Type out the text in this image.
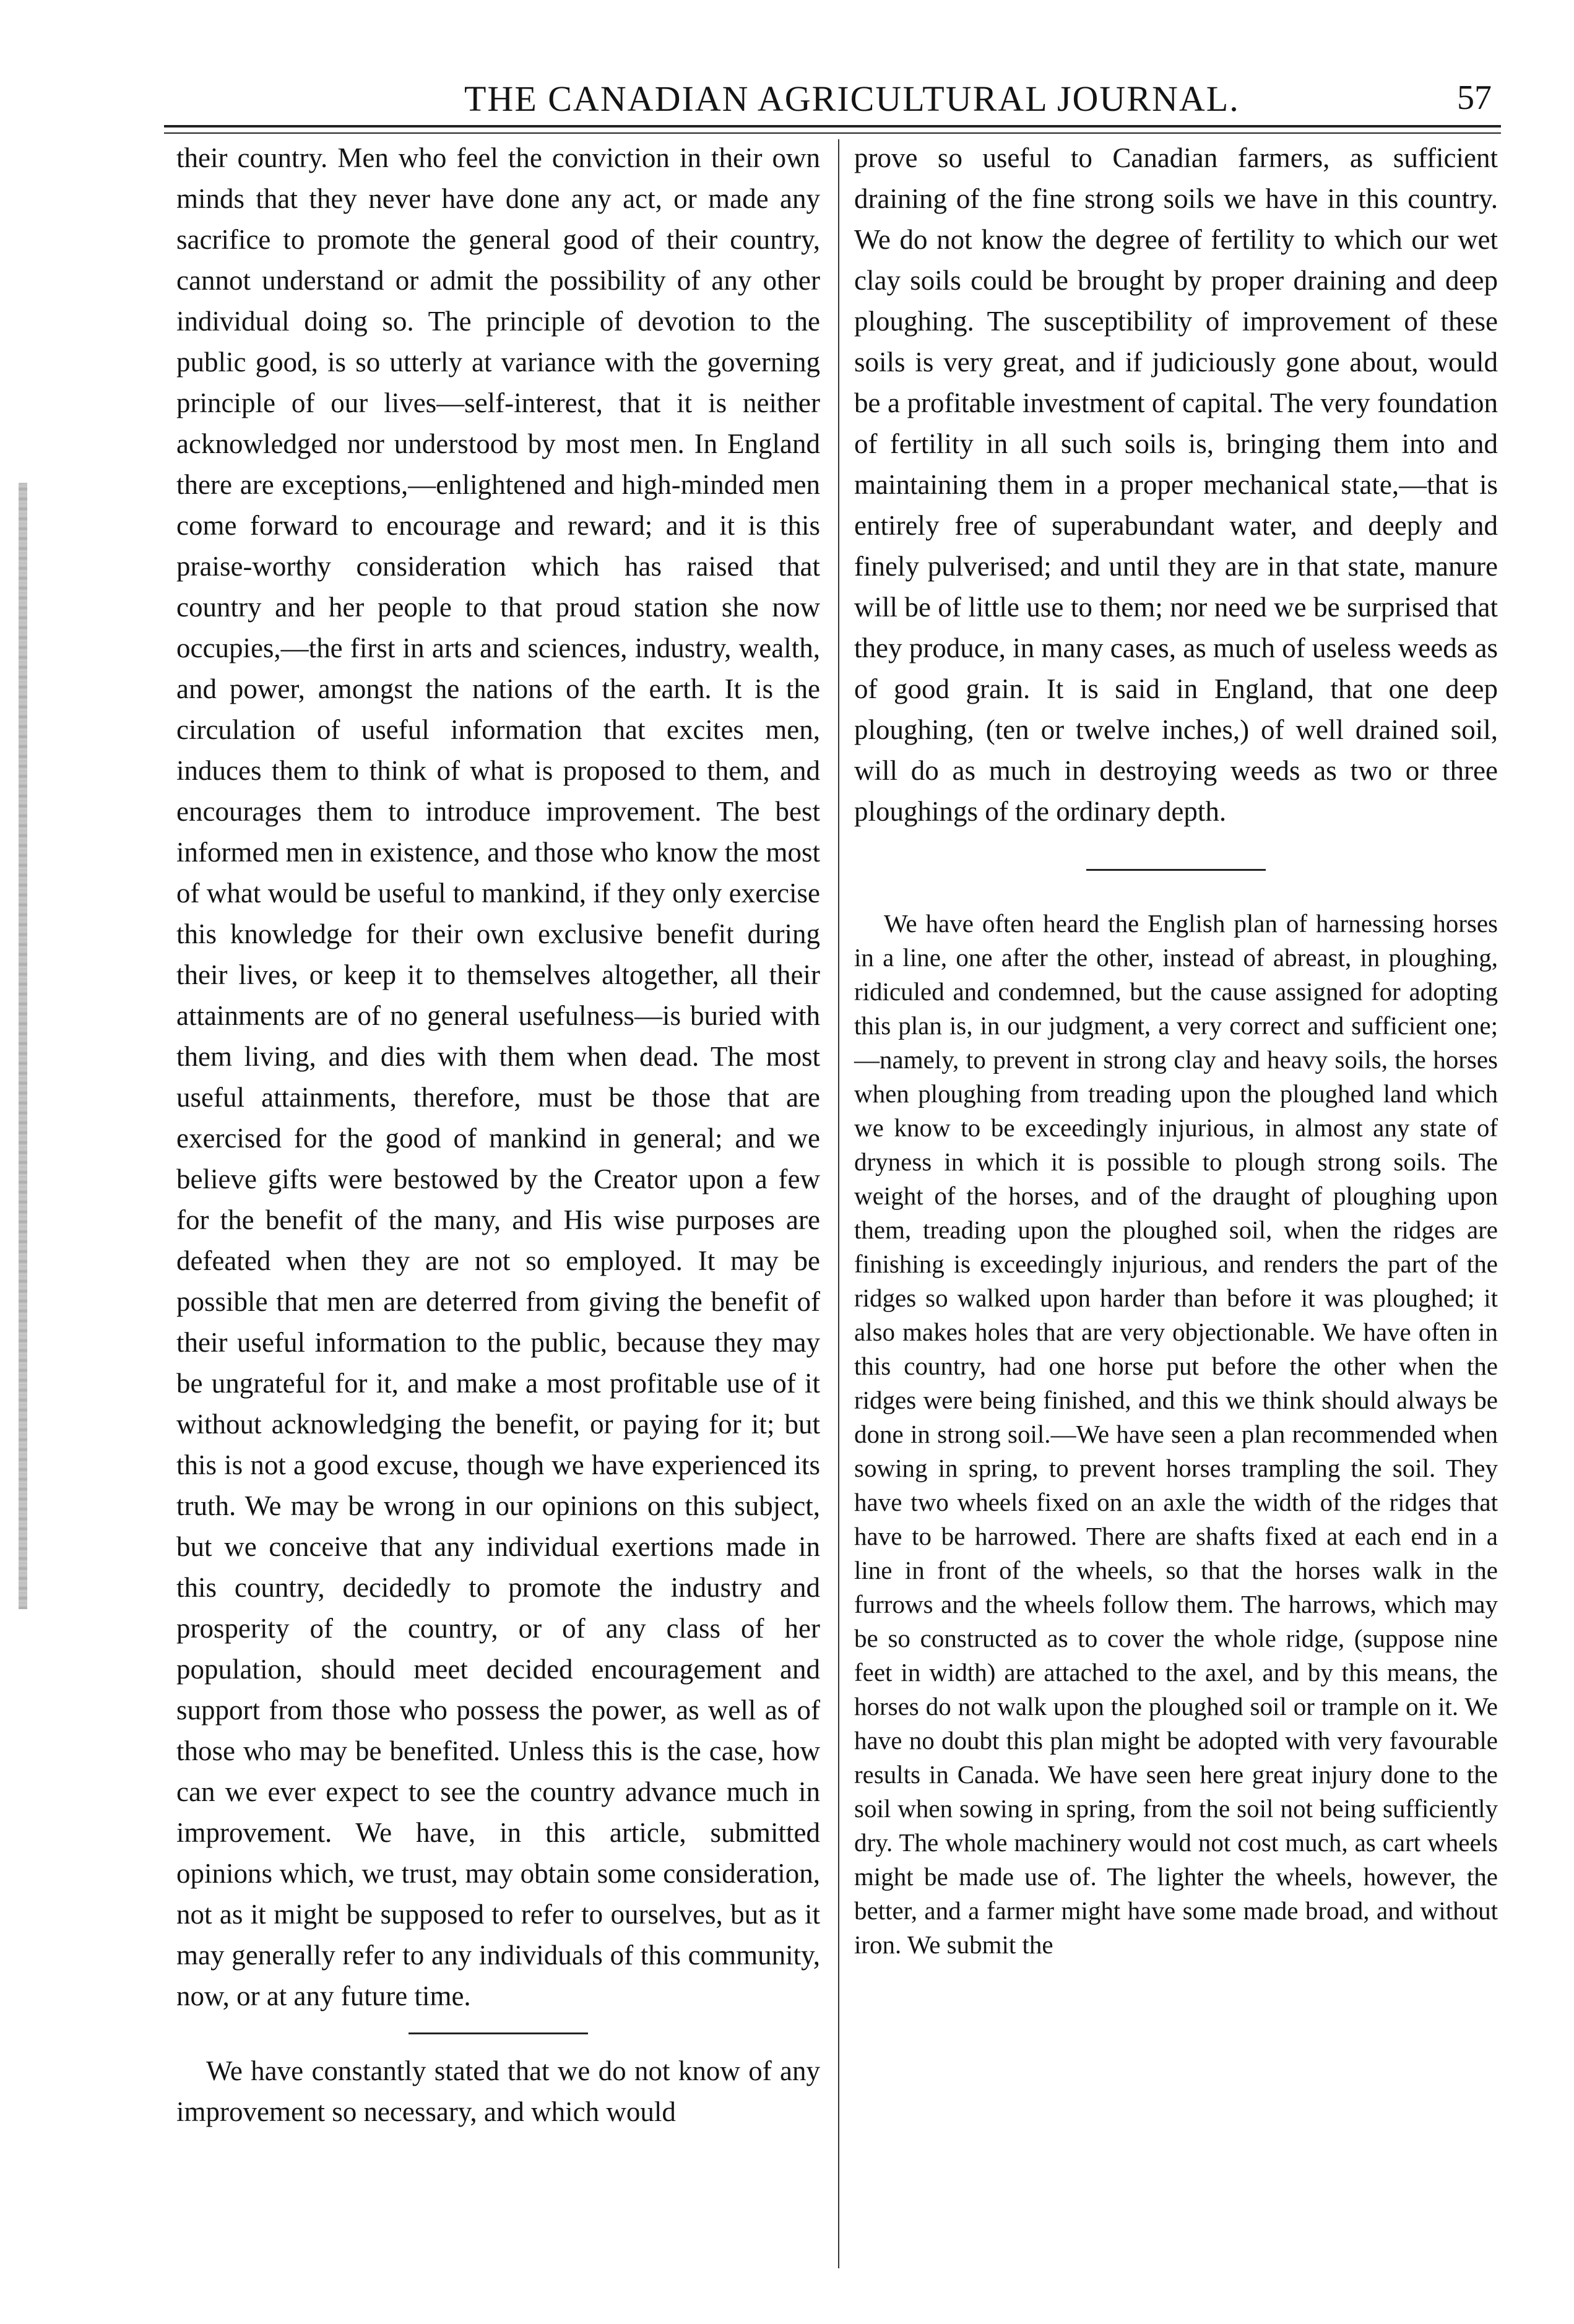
THE CANADIAN AGRICULTURAL JOURNAL.	57

their country. Men who feel the conviction in their own minds that they never have done any act, or made any sacrifice to promote the general good of their country, cannot understand or admit the possibility of any other individual doing so. The principle of devotion to the public good, is so utterly at variance with the governing principle of our lives—self-interest, that it is neither acknowledged nor understood by most men. In England there are exceptions,—enlightened and high-minded men come forward to encourage and reward; and it is this praise-worthy consideration which has raised that country and her people to that proud station she now occupies,—the first in arts and sciences, industry, wealth, and power, amongst the nations of the earth. It is the circulation of useful information that excites men, induces them to think of what is proposed to them, and encourages them to introduce improvement. The best informed men in existence, and those who know the most of what would be useful to mankind, if they only exercise this knowledge for their own exclusive benefit during their lives, or keep it to themselves altogether, all their attainments are of no general usefulness—is buried with them living, and dies with them when dead. The most useful attainments, therefore, must be those that are exercised for the good of mankind in general; and we believe gifts were bestowed by the Creator upon a few for the benefit of the many, and His wise purposes are defeated when they are not so employed. It may be possible that men are deterred from giving the benefit of their useful information to the public, because they may be ungrateful for it, and make a most profitable use of it without acknowledging the benefit, or paying for it; but this is not a good excuse, though we have experienced its truth. We may be wrong in our opinions on this subject, but we conceive that any individual exertions made in this country, decidedly to promote the industry and prosperity of the country, or of any class of her population, should meet decided encouragement and support from those who possess the power, as well as of those who may be benefited. Unless this is the case, how can we ever expect to see the country advance much in improvement. We have, in this article, submitted opinions which, we trust, may obtain some consideration, not as it might be supposed to refer to ourselves, but as it may generally refer to any individuals of this community, now, or at any future time.

We have constantly stated that we do not know of any improvement so necessary, and which would

prove so useful to Canadian farmers, as sufficient draining of the fine strong soils we have in this country. We do not know the degree of fertility to which our wet clay soils could be brought by proper draining and deep ploughing. The susceptibility of improvement of these soils is very great, and if judiciously gone about, would be a profitable investment of capital. The very foundation of fertility in all such soils is, bringing them into and maintaining them in a proper mechanical state,—that is entirely free of superabundant water, and deeply and finely pulverised; and until they are in that state, manure will be of little use to them; nor need we be surprised that they produce, in many cases, as much of useless weeds as of good grain. It is said in England, that one deep ploughing, (ten or twelve inches,) of well drained soil, will do as much in destroying weeds as two or three ploughings of the ordinary depth.

We have often heard the English plan of harnessing horses in a line, one after the other, instead of abreast, in ploughing, ridiculed and condemned, but the cause assigned for adopting this plan is, in our judgment, a very correct and sufficient one;—namely, to prevent in strong clay and heavy soils, the horses when ploughing from treading upon the ploughed land which we know to be exceedingly injurious, in almost any state of dryness in which it is possible to plough strong soils. The weight of the horses, and of the draught of ploughing upon them, treading upon the ploughed soil, when the ridges are finishing is exceedingly injurious, and renders the part of the ridges so walked upon harder than before it was ploughed; it also makes holes that are very objectionable. We have often in this country, had one horse put before the other when the ridges were being finished, and this we think should always be done in strong soil.—We have seen a plan recommended when sowing in spring, to prevent horses trampling the soil. They have two wheels fixed on an axle the width of the ridges that have to be harrowed. There are shafts fixed at each end in a line in front of the wheels, so that the horses walk in the furrows and the wheels follow them. The harrows, which may be so constructed as to cover the whole ridge, (suppose nine feet in width) are attached to the axel, and by this means, the horses do not walk upon the ploughed soil or trample on it. We have no doubt this plan might be adopted with very favourable results in Canada. We have seen here great injury done to the soil when sowing in spring, from the soil not being sufficiently dry. The whole machinery would not cost much, as cart wheels might be made use of. The lighter the wheels, however, the better, and a farmer might have some made broad, and without iron. We submit the
